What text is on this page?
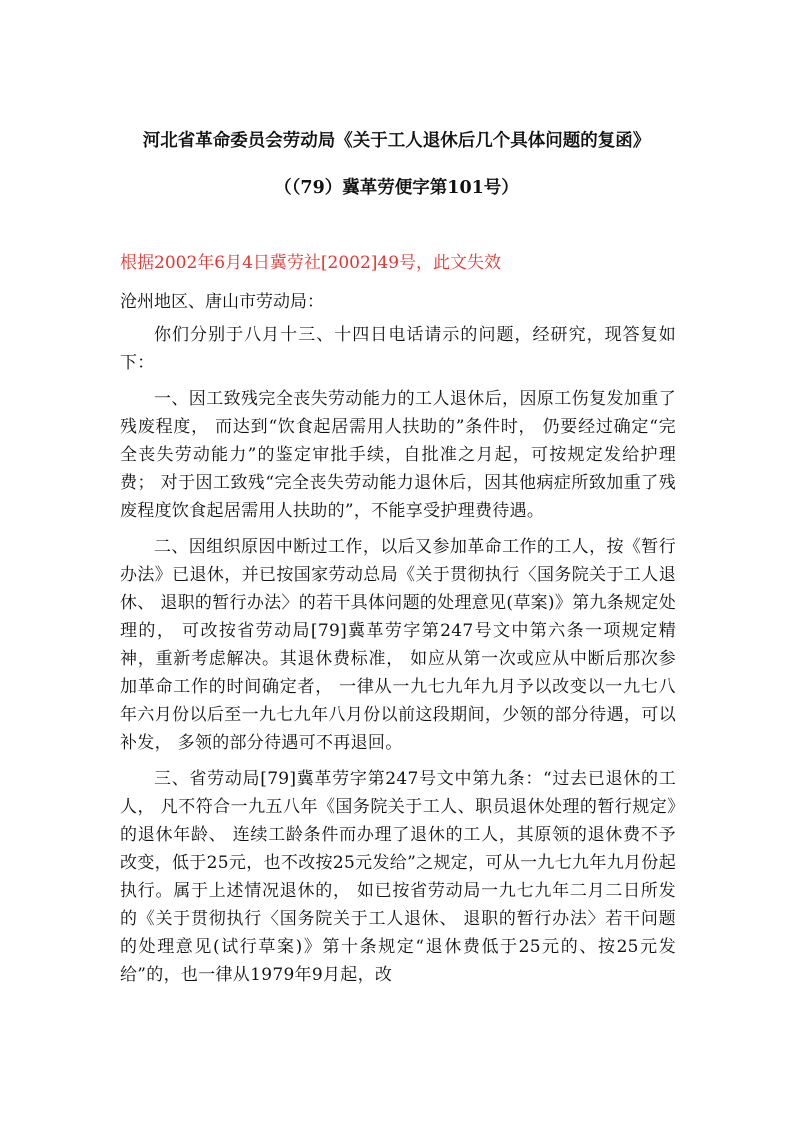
河北省革命委员会劳动局《关于工人退休后几个具体问题的复函》
（（79）冀革劳便字第101号）

根据2002年6月4日冀劳社[2002]49号，此文失效

沧州地区、唐山市劳动局：

你们分别于八月十三、十四日电话请示的问题，经研究，现答复如下：

一、因工致残完全丧失劳动能力的工人退休后，因原工伤复发加重了残废程度， 而达到“饮食起居需用人扶助的”条件时， 仍要经过确定“完全丧失劳动能力”的鉴定审批手续，自批准之月起，可按规定发给护理费； 对于因工致残“完全丧失劳动能力退休后，因其他病症所致加重了残废程度饮食起居需用人扶助的”，不能享受护理费待遇。

二、因组织原因中断过工作，以后又参加革命工作的工人，按《暂行办法》已退休，并已按国家劳动总局《关于贯彻执行〈国务院关于工人退休、 退职的暂行办法〉的若干具体问题的处理意见(草案)》第九条规定处理的， 可改按省劳动局[79]冀革劳字第247号文中第六条一项规定精神，重新考虑解决。其退休费标准， 如应从第一次或应从中断后那次参加革命工作的时间确定者， 一律从一九七九年九月予以改变以一九七八年六月份以后至一九七九年八月份以前这段期间，少领的部分待遇，可以补发， 多领的部分待遇可不再退回。

三、省劳动局[79]冀革劳字第247号文中第九条：“过去已退休的工人， 凡不符合一九五八年《国务院关于工人、职员退休处理的暂行规定》的退休年龄、 连续工龄条件而办理了退休的工人，其原领的退休费不予改变，低于25元，也不改按25元发给”之规定，可从一九七九年九月份起执行。属于上述情况退休的， 如已按省劳动局一九七九年二月二日所发的《关于贯彻执行〈国务院关于工人退休、 退职的暂行办法〉若干问题的处理意见(试行草案)》第十条规定“退休费低于25元的、按25元发给”的，也一律从1979年9月起，改
